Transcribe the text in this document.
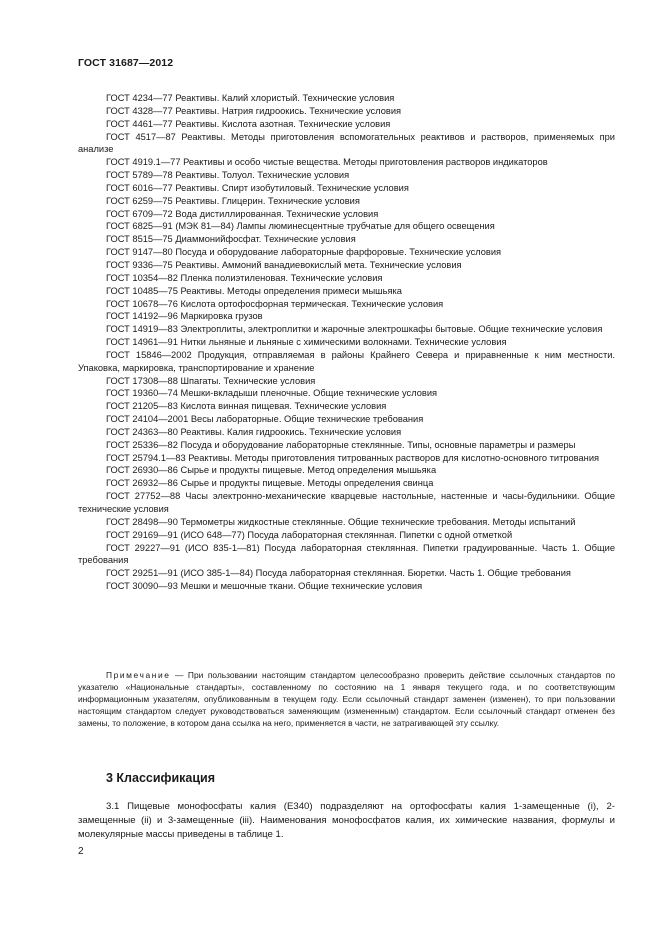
ГОСТ 31687—2012

ГОСТ 4234—77 Реактивы. Калий хлористый. Технические условия

ГОСТ 4328—77 Реактивы. Натрия гидроокись. Технические условия

ГОСТ 4461—77 Реактивы. Кислота азотная. Технические условия

ГОСТ 4517—87 Реактивы. Методы приготовления вспомогательных реактивов и растворов, применяемых при анализе

ГОСТ 4919.1—77 Реактивы и особо чистые вещества. Методы приготовления растворов индикаторов

ГОСТ 5789—78 Реактивы. Толуол. Технические условия

ГОСТ 6016—77 Реактивы. Спирт изобутиловый. Технические условия

ГОСТ 6259—75 Реактивы. Глицерин. Технические условия

ГОСТ 6709—72 Вода дистиллированная. Технические условия

ГОСТ 6825—91 (МЭК 81—84) Лампы люминесцентные трубчатые для общего освещения

ГОСТ 8515—75 Диаммонийфосфат. Технические условия

ГОСТ 9147—80 Посуда и оборудование лабораторные фарфоровые. Технические условия

ГОСТ 9336—75 Реактивы. Аммоний ванадиевокислый мета. Технические условия

ГОСТ 10354—82 Пленка полиэтиленовая. Технические условия

ГОСТ 10485—75 Реактивы. Методы определения примеси мышьяка

ГОСТ 10678—76 Кислота ортофосфорная термическая. Технические условия

ГОСТ 14192—96 Маркировка грузов

ГОСТ 14919—83 Электроплиты, электроплитки и жарочные электрошкафы бытовые. Общие технические условия

ГОСТ 14961—91 Нитки льняные и льняные с химическими волокнами. Технические условия

ГОСТ 15846—2002 Продукция, отправляемая в районы Крайнего Севера и приравненные к ним местности. Упаковка, маркировка, транспортирование и хранение

ГОСТ 17308—88 Шпагаты. Технические условия

ГОСТ 19360—74 Мешки-вкладыши пленочные. Общие технические условия

ГОСТ 21205—83 Кислота винная пищевая. Технические условия

ГОСТ 24104—2001 Весы лабораторные. Общие технические требования

ГОСТ 24363—80 Реактивы. Калия гидроокись. Технические условия

ГОСТ 25336—82 Посуда и оборудование лабораторные стеклянные. Типы, основные параметры и размеры

ГОСТ 25794.1—83 Реактивы. Методы приготовления титрованных растворов для кислотно-основного титрования

ГОСТ 26930—86 Сырье и продукты пищевые. Метод определения мышьяка

ГОСТ 26932—86 Сырье и продукты пищевые. Методы определения свинца

ГОСТ 27752—88 Часы электронно-механические кварцевые настольные, настенные и часы-будильники. Общие технические условия

ГОСТ 28498—90 Термометры жидкостные стеклянные. Общие технические требования. Методы испытаний

ГОСТ 29169—91 (ИСО 648—77) Посуда лабораторная стеклянная. Пипетки с одной отметкой

ГОСТ 29227—91 (ИСО 835-1—81) Посуда лабораторная стеклянная. Пипетки градуированные. Часть 1. Общие требования

ГОСТ 29251—91 (ИСО 385-1—84) Посуда лабораторная стеклянная. Бюретки. Часть 1. Общие требования

ГОСТ 30090—93 Мешки и мешочные ткани. Общие технические условия

Примечание — При пользовании настоящим стандартом целесообразно проверить действие ссылочных стандартов по указателю «Национальные стандарты», составленному по состоянию на 1 января текущего года, и по соответствующим информационным указателям, опубликованным в текущем году. Если ссылочный стандарт заменен (изменен), то при пользовании настоящим стандартом следует руководствоваться заменяющим (измененным) стандартом. Если ссылочный стандарт отменен без замены, то положение, в котором дана ссылка на него, применяется в части, не затрагивающей эту ссылку.

3 Классификация

3.1 Пищевые монофосфаты калия (Е340) подразделяют на ортофосфаты калия 1-замещенные (i), 2-замещенные (ii) и 3-замещенные (iii). Наименования монофосфатов калия, их химические названия, формулы и молекулярные массы приведены в таблице 1.

2
